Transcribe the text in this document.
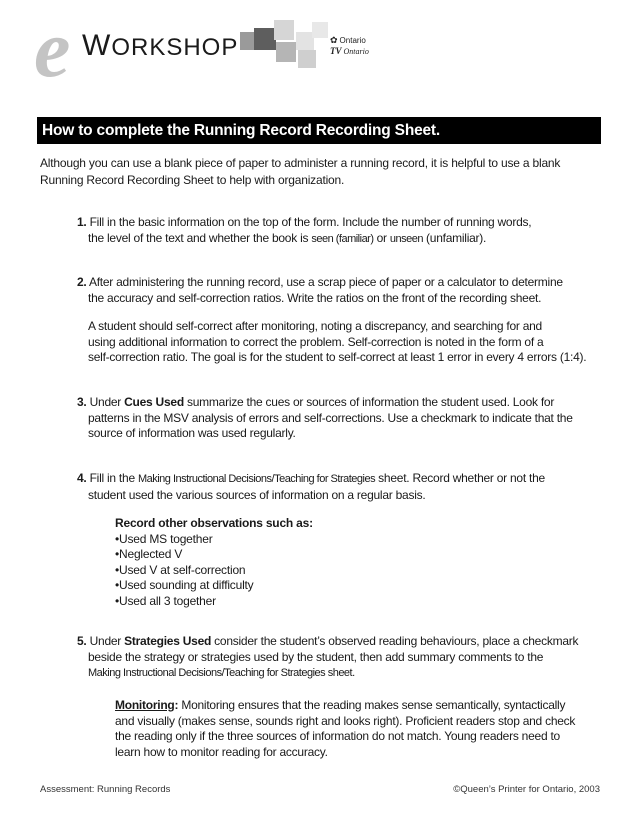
e WORKSHOP	✿ Ontario
TV Ontario
How to complete the Running Record Recording Sheet.
Although you can use a blank piece of paper to administer a running record, it is helpful to use a blank
Running Record Recording Sheet to help with organization.

1. Fill in the basic information on the top of the form. Include the number of running words,

the level of the text and whether the book is seen (familiar) or unseen (unfamiliar).

2. After administering the running record, use a scrap piece of paper or a calculator to determine

the accuracy and self-correction ratios. Write the ratios on the front of the recording sheet.

A student should self-correct after monitoring, noting a discrepancy, and searching for and

using additional information to correct the problem. Self-correction is noted in the form of a

self-correction ratio. The goal is for the student to self-correct at least 1 error in every 4 errors (1:4).

3. Under Cues Used summarize the cues or sources of information the student used. Look for

patterns in the MSV analysis of errors and self-corrections. Use a checkmark to indicate that the

source of information was used regularly.

4. Fill in the Making Instructional Decisions/Teaching for Strategies sheet. Record whether or not the

student used the various sources of information on a regular basis.

Record other observations such as:

•Used MS together
•Neglected V
•Used V at self-correction
•Used sounding at difficulty
•Used all 3 together

5. Under Strategies Used consider the student’s observed reading behaviours, place a checkmark

beside the strategy or strategies used by the student, then add summary comments to the

Making Instructional Decisions/Teaching for Strategies sheet.

Monitoring: Monitoring ensures that the reading makes sense semantically, syntactically

and visually (makes sense, sounds right and looks right). Proficient readers stop and check

the reading only if the three sources of information do not match. Young readers need to

learn how to monitor reading for accuracy.

Assessment: Running Records	©Queen’s Printer for Ontario, 2003
